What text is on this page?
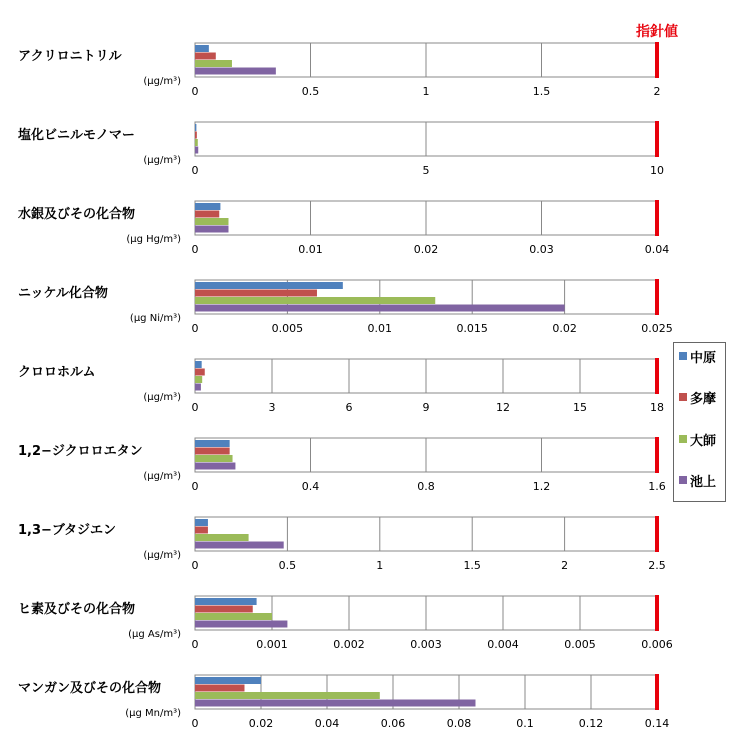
指針値
アクリロニトリル
(μg/m³)
0	0.5	1	1.5	2
塩化ビニルモノマー
(μg/m³)
0	5	10
水銀及びその化合物
(μg Hg/m³)
0	0.01	0.02	0.03	0.04
ニッケル化合物
(μg Ni/m³)
0	0.005	0.01	0.015	0.02	0.025
クロロホルム
(μg/m³)
0	3	6	9	12	15	18
1,2−ジクロロエタン
(μg/m³)
0	0.4	0.8	1.2	1.6
1,3−ブタジエン
(μg/m³)
0	0.5	1	1.5	2	2.5
ヒ素及びその化合物
(μg As/m³)
0	0.001	0.002	0.003	0.004	0.005	0.006
マンガン及びその化合物
(μg Mn/m³)
0	0.02	0.04	0.06	0.08	0.1	0.12	0.14
中原
多摩
大師
池上
